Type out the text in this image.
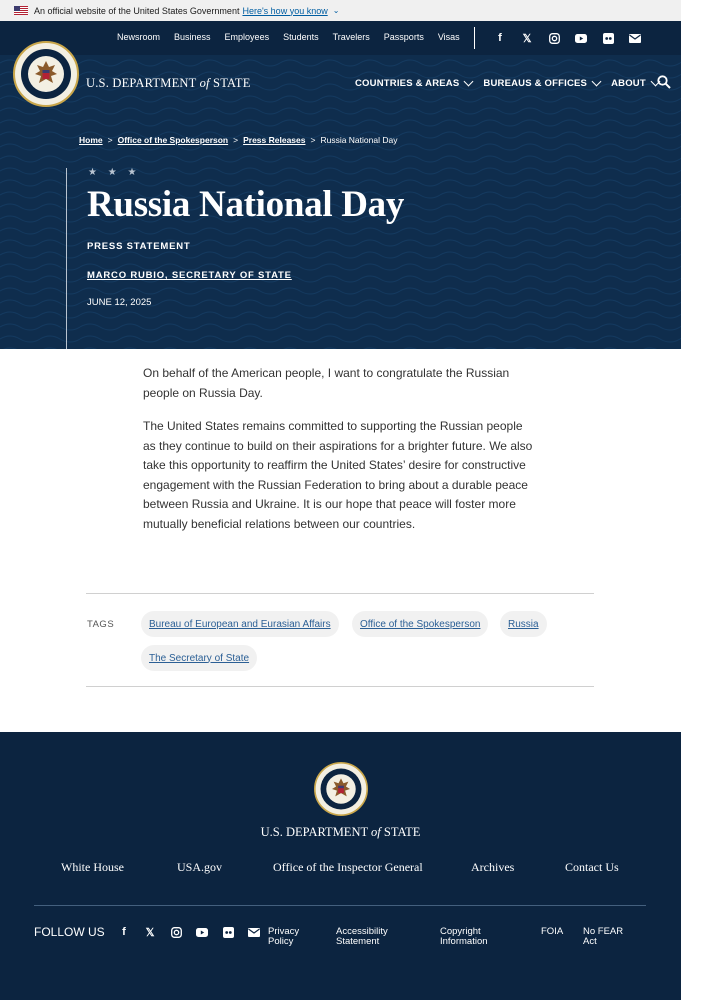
An official website of the United States Government Here's how you know ⌄
Newsroom Business Employees Students Travelers Passports Visas	f	𝕏
U.S. DEPARTMENT of STATE	COUNTRIES & AREAS	BUREAUS & OFFICES	ABOUT
Home > Office of the Spokesperson > Press Releases > Russia National Day
★ ★ ★
Russia National Day
PRESS STATEMENT
MARCO RUBIO, SECRETARY OF STATE
JUNE 12, 2025

On behalf of the American people, I want to congratulate the Russian people on Russia Day.

The United States remains committed to supporting the Russian people as they continue to build on their aspirations for a brighter future. We also take this opportunity to reaffirm the United States’ desire for constructive engagement with the Russian Federation to bring about a durable peace between Russia and Ukraine. It is our hope that peace will foster more mutually beneficial relations between our countries.

TAGS	Bureau of European and Eurasian Affairs	Office of the Spokesperson	Russia
The Secretary of State
U.S. DEPARTMENT of STATE
White House	USA.gov	Office of the Inspector General	Archives	Contact Us
FOLLOW US	f	𝕏	Privacy
Policy
Accessibility
Statement
Copyright
Information
FOIA No FEAR
Act
